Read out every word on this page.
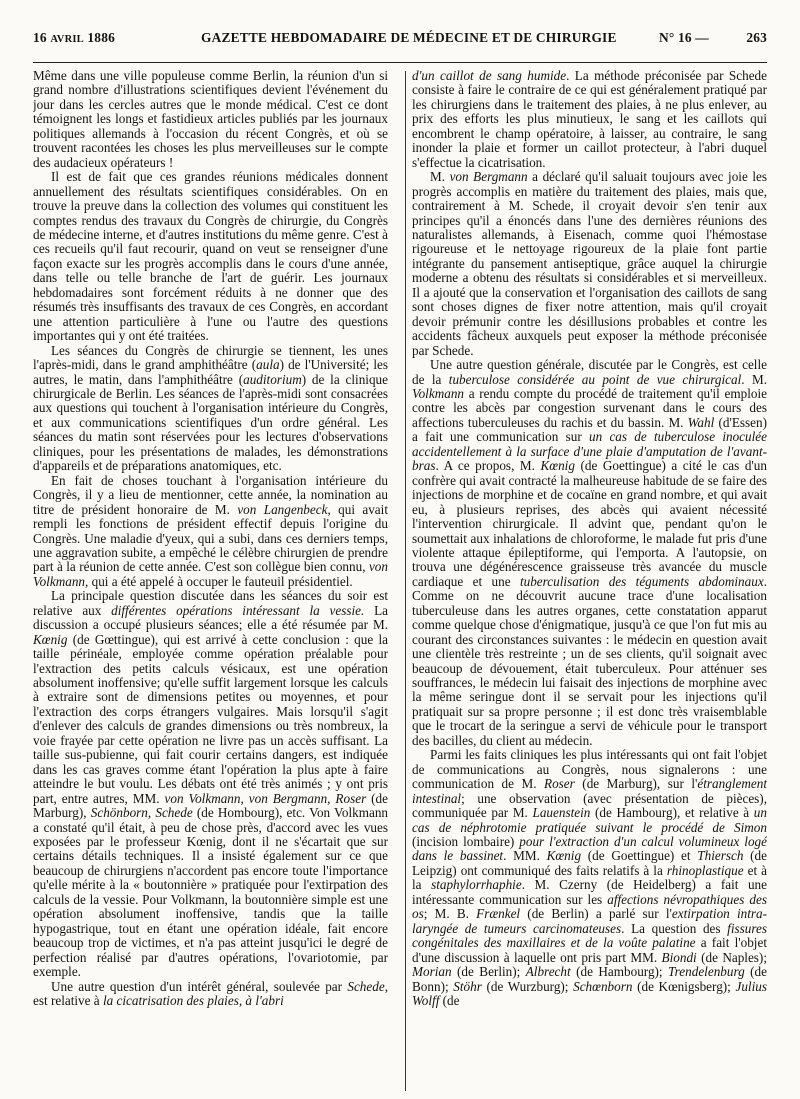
16 AVRIL 1886	GAZETTE HEBDOMADAIRE DE MÉDECINE ET DE CHIRURGIE	N° 16 —	263

Même dans une ville populeuse comme Berlin, la réunion d'un si grand nombre d'illustrations scientifiques devient l'événement du jour dans les cercles autres que le monde médical. C'est ce dont témoignent les longs et fastidieux articles publiés par les journaux politiques allemands à l'occasion du récent Congrès, et où se trouvent racontées les choses les plus merveilleuses sur le compte des audacieux opérateurs !

Il est de fait que ces grandes réunions médicales donnent annuellement des résultats scientifiques considérables. On en trouve la preuve dans la collection des volumes qui constituent les comptes rendus des travaux du Congrès de chirurgie, du Congrès de médecine interne, et d'autres institutions du même genre. C'est à ces recueils qu'il faut recourir, quand on veut se renseigner d'une façon exacte sur les progrès accomplis dans le cours d'une année, dans telle ou telle branche de l'art de guérir. Les journaux hebdomadaires sont forcément réduits à ne donner que des résumés très insuffisants des travaux de ces Congrès, en accordant une attention particulière à l'une ou l'autre des questions importantes qui y ont été traitées.

Les séances du Congrès de chirurgie se tiennent, les unes l'après-midi, dans le grand amphithéâtre (aula) de l'Université; les autres, le matin, dans l'amphithéâtre (auditorium) de la clinique chirurgicale de Berlin. Les séances de l'après-midi sont consacrées aux questions qui touchent à l'organisation intérieure du Congrès, et aux communications scientifiques d'un ordre général. Les séances du matin sont réservées pour les lectures d'observations cliniques, pour les présentations de malades, les démonstrations d'appareils et de préparations anatomiques, etc.

En fait de choses touchant à l'organisation intérieure du Congrès, il y a lieu de mentionner, cette année, la nomination au titre de président honoraire de M. von Langenbeck, qui avait rempli les fonctions de président effectif depuis l'origine du Congrès. Une maladie d'yeux, qui a subi, dans ces derniers temps, une aggravation subite, a empêché le célèbre chirurgien de prendre part à la réunion de cette année. C'est son collègue bien connu, von Volkmann, qui a été appelé à occuper le fauteuil présidentiel.

La principale question discutée dans les séances du soir est relative aux différentes opérations intéressant la vessie. La discussion a occupé plusieurs séances; elle a été résumée par M. Kœnig (de Gœttingue), qui est arrivé à cette conclusion : que la taille périnéale, employée comme opération préalable pour l'extraction des petits calculs vésicaux, est une opération absolument inoffensive; qu'elle suffit largement lorsque les calculs à extraire sont de dimensions petites ou moyennes, et pour l'extraction des corps étrangers vulgaires. Mais lorsqu'il s'agit d'enlever des calculs de grandes dimensions ou très nombreux, la voie frayée par cette opération ne livre pas un accès suffisant. La taille sus-pubienne, qui fait courir certains dangers, est indiquée dans les cas graves comme étant l'opération la plus apte à faire atteindre le but voulu. Les débats ont été très animés ; y ont pris part, entre autres, MM. von Volkmann, von Bergmann, Roser (de Marburg), Schönborn, Schede (de Hombourg), etc. Von Volkmann a constaté qu'il était, à peu de chose près, d'accord avec les vues exposées par le professeur Kœnig, dont il ne s'écartait que sur certains détails techniques. Il a insisté également sur ce que beaucoup de chirurgiens n'accordent pas encore toute l'importance qu'elle mérite à la « boutonnière » pratiquée pour l'extirpation des calculs de la vessie. Pour Volkmann, la boutonnière simple est une opération absolument inoffensive, tandis que la taille hypogastrique, tout en étant une opération idéale, fait encore beaucoup trop de victimes, et n'a pas atteint jusqu'ici le degré de perfection réalisé par d'autres opérations, l'ovariotomie, par exemple.

Une autre question d'un intérêt général, soulevée par Schede, est relative à la cicatrisation des plaies, à l'abri

d'un caillot de sang humide. La méthode préconisée par Schede consiste à faire le contraire de ce qui est généralement pratiqué par les chirurgiens dans le traitement des plaies, à ne plus enlever, au prix des efforts les plus minutieux, le sang et les caillots qui encombrent le champ opératoire, à laisser, au contraire, le sang inonder la plaie et former un caillot protecteur, à l'abri duquel s'effectue la cicatrisation.

M. von Bergmann a déclaré qu'il saluait toujours avec joie les progrès accomplis en matière du traitement des plaies, mais que, contrairement à M. Schede, il croyait devoir s'en tenir aux principes qu'il a énoncés dans l'une des dernières réunions des naturalistes allemands, à Eisenach, comme quoi l'hémostase rigoureuse et le nettoyage rigoureux de la plaie font partie intégrante du pansement antiseptique, grâce auquel la chirurgie moderne a obtenu des résultats si considérables et si merveilleux. Il a ajouté que la conservation et l'organisation des caillots de sang sont choses dignes de fixer notre attention, mais qu'il croyait devoir prémunir contre les désillusions probables et contre les accidents fâcheux auxquels peut exposer la méthode préconisée par Schede.

Une autre question générale, discutée par le Congrès, est celle de la tuberculose considérée au point de vue chirurgical. M. Volkmann a rendu compte du procédé de traitement qu'il emploie contre les abcès par congestion survenant dans le cours des affections tuberculeuses du rachis et du bassin. M. Wahl (d'Essen) a fait une communication sur un cas de tuberculose inoculée accidentellement à la surface d'une plaie d'amputation de l'avant-bras. A ce propos, M. Kœnig (de Goettingue) a cité le cas d'un confrère qui avait contracté la malheureuse habitude de se faire des injections de morphine et de cocaïne en grand nombre, et qui avait eu, à plusieurs reprises, des abcès qui avaient nécessité l'intervention chirurgicale. Il advint que, pendant qu'on le soumettait aux inhalations de chloroforme, le malade fut pris d'une violente attaque épileptiforme, qui l'emporta. A l'autopsie, on trouva une dégénérescence graisseuse très avancée du muscle cardiaque et une tuberculisation des téguments abdominaux. Comme on ne découvrit aucune trace d'une localisation tuberculeuse dans les autres organes, cette constatation apparut comme quelque chose d'énigmatique, jusqu'à ce que l'on fut mis au courant des circonstances suivantes : le médecin en question avait une clientèle très restreinte ; un de ses clients, qu'il soignait avec beaucoup de dévouement, était tuberculeux. Pour atténuer ses souffrances, le médecin lui faisait des injections de morphine avec la même seringue dont il se servait pour les injections qu'il pratiquait sur sa propre personne ; il est donc très vraisemblable que le trocart de la seringue a servi de véhicule pour le transport des bacilles, du client au médecin.

Parmi les faits cliniques les plus intéressants qui ont fait l'objet de communications au Congrès, nous signalerons : une communication de M. Roser (de Marburg), sur l'étranglement intestinal; une observation (avec présentation de pièces), communiquée par M. Lauenstein (de Hambourg), et relative à un cas de néphrotomie pratiquée suivant le procédé de Simon (incision lombaire) pour l'extraction d'un calcul volumineux logé dans le bassinet. MM. Kœnig (de Goettingue) et Thiersch (de Leipzig) ont communiqué des faits relatifs à la rhinoplastique et à la staphylorrhaphie. M. Czerny (de Heidelberg) a fait une intéressante communication sur les affections névropathiques des os; M. B. Frænkel (de Berlin) a parlé sur l'extirpation intra-laryngée de tumeurs carcinomateuses. La question des fissures congénitales des maxillaires et de la voûte palatine a fait l'objet d'une discussion à laquelle ont pris part MM. Biondi (de Naples); Morian (de Berlin); Albrecht (de Hambourg); Trendelenburg (de Bonn); Stöhr (de Wurzburg); Schœnborn (de Kœnigsberg); Julius Wolff (de
